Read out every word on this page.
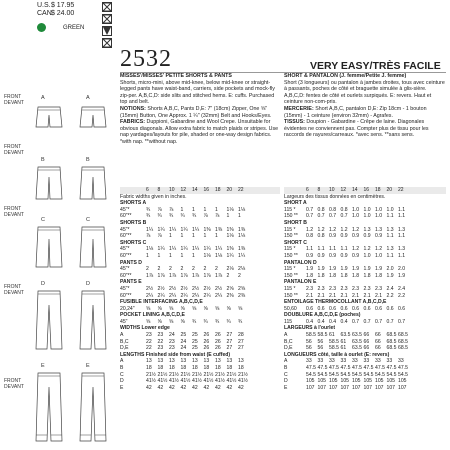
U.S. $ 17.95
CAN $ 24.00
GREEN
2532	VERY EASY/TRÈS FACILE
FRONT DEVANT
A	A
FRONT DEVANT
B	B
FRONT DEVANT
C	C
FRONT DEVANT
D	D
FRONT DEVANT
E	E
MISSES'/MISSES' PETITE SHORTS & PANTS
Shorts, micro-mini, above mid-knee, below mid-knee or straight-legged pants have waist-band, carriers, side pockets and mock-fly zip-per. A,B,C,D: side slits and stitched hems. E: cuffs. Purchased top and belt.
NOTIONS: Shorts A,B,C, Pants D,E: 7" (18cm) Zipper, One ⅝" (15mm) Button, One Approx. 1 ¼" (32mm) Belt and Hooks/Eyes.
FABRICS: Duppioni, Gabardine and Wool Crepe. Unsuitable for obvious diagonals. Allow extra fabric to match plaids or stripes. Use nap yardages/layouts for pile, shaded or one-way design fabrics. *with nap. **without nap.
SHORT & PANTALON (J. femme/Petite J. femme)
Short (3 longueurs) ou pantalon à jambes droites, tous avec ceinture à passants, poches de côté et braguette simulée à glis-sière. A,B,C,D: fentes de côté et ourlets surpiqués. E: revers. Haut et ceinture non-com-pris.
MERCERIE: Short A,B,C, pantalon D,E: Zip 18cm - 1 bouton (15mm) - 1 ceinture (environ 32mm) - Agrafes.
TISSUS: Doupion - Gabardine - Crêpe de laine. Diagonales évidentes ne conviennent pas. Compter plus de tissu pour les raccords de rayures/carreaux. *avec sens. **sans sens.
6	8	10	12	14	16	18	20	22
Fabric widths given in inches.
SHORTS A
45"*	¾	⅞	⅞	1	1	1	1	1⅛ 1⅛
60"**	¾	¾	¾	¾	¾	⅞	⅞	1	1
SHORTS B
45"*	1¼ 1¼ 1¼ 1¼ 1¼ 1⅜ 1⅜ 1⅜ 1⅜
60"**	⅞	⅞	1	1	1	1	1	1⅛ 1⅛
SHORTS C
45"*	1⅛ 1¼ 1¼ 1¼ 1¼ 1¼ 1¼ 1⅜ 1⅜
60"**	1	1	1	1	1	1⅛ 1⅛ 1¼ 1¼
PANTS D
45"*	2	2	2	2	2	2	2	2⅛ 2⅛
60"**	1⅞ 1⅞ 1⅞ 1⅞ 1⅞ 1⅞ 1⅞ 2	2
PANTS E
45"*	2½ 2½ 2½ 2½ 2½ 2½ 2½ 2⅝ 2⅝
60"**	2¼ 2¼ 2¼ 2¼ 2¼ 2¼ 2¼ 2⅜ 2⅜
FUSIBLE INTERFACING A,B,C,D,E
20,24"	⅝	⅝	⅝	⅝	⅝	⅝	⅝	⅝	⅝
POCKET LINING A,B,C,D,E
45"	⅝	⅝	⅝	⅝	¾	¾	¾	¾	¾
WIDTHS Lower edge
A	23	23	24	25	25	26	26	27	28
B,C	22	22	23	24	25	26	26	27	27
D,E	22	23	23	24	25	26	26	27	27
LENGTHS Finished side from waist (E cuffed)
A	13	13	13	13	13	13	13	13	13
B	18	18	18	18	18	18	18	18	18
C	21½ 21½ 21½ 21½ 21½ 21½ 21½ 21½ 21½
D	41½ 41½ 41½ 41½ 41½ 41½ 41½ 41½ 41½
E	42	42	42	42	42	42	42	42	42
6	8	10	12	14	16	18	20	22
Largeurs des tissus données en centimètres.
SHORT A
115 *	0.7 0.8 0.8 0.8 1.0 1.0 1.0 1.0 1.1
150 **	0.7 0.7 0.7 0.7 1.0 1.0 1.0 1.1 1.1
SHORT B
115 *	1.2 1.2 1.2 1.2 1.2 1.3 1.3 1.3 1.3
150 **	0.8 0.8 0.9 0.9 0.9 0.9 0.9 1.1 1.1
SHORT C
115 *	1.1 1.1 1.1 1.1 1.2 1.2 1.2 1.3 1.3
150 **	0.9 0.9 0.9 0.9 0.9 1.0 1.0 1.1 1.1
PANTALON D
115 *	1.9 1.9 1.9 1.9 1.9 1.9 1.9 2.0 2.0
150 **	1.8 1.8 1.8 1.8 1.8 1.8 1.8 1.9 1.9
PANTALON E
115 *	2.3 2.3 2.3 2.3 2.3 2.3 2.3 2.4 2.4
150 **	2.1 2.1 2.1 2.1 2.1 2.1 2.1 2.2 2.2
ENTOILAGE THERMOCOLLANT A,B,C,D,E
50,60	0.6 0.6 0.6 0.6 0.6 0.6 0.6 0.6 0.6
DOUBLURE A,B,C,D,E (poches)
115	0.4 0.4 0.4 0.4 0.7 0.7 0.7 0.7 0.7
LARGEURS à l'ourlet
A	58.5 58.5 61	63.5 63.5 66	66	68.5 68.5
B,C	56	56	58.5 61	63.5 66	66	68.5 68.5
D,E	56	56	58.5 61	63.5 66	66	68.5 68.5
LONGUEURS côté, taille à ourlet (E: revers)
A	33	33	33	33	33	33	33	33	33
B	47.5 47.5 47.5 47.5 47.5 47.5 47.5 47.5 47.5
C	54.5 54.5 54.5 54.5 54.5 54.5 54.5 54.5 54.5
D	105 105 105 105 105 105 105 105 105
E	107 107 107 107 107 107 107 107 107
